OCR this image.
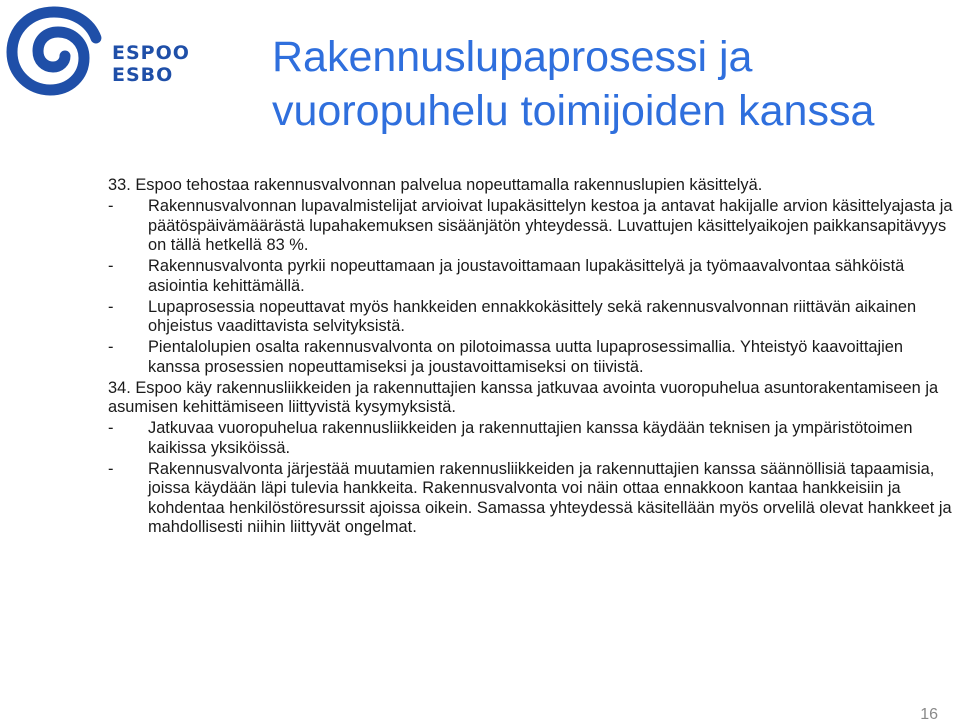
ESPOO
ESBO	Rakennuslupaprosessi ja vuoropuhelu toimijoiden kanssa

33. Espoo tehostaa rakennusvalvonnan palvelua nopeuttamalla rakennuslupien käsittelyä.

-	Rakennusvalvonnan lupavalmistelijat arvioivat lupakäsittelyn kestoa ja antavat hakijalle arvion käsittelyajasta ja päätöspäivämäärästä lupahakemuksen sisäänjätön yhteydessä. Luvattujen käsittelyaikojen paikkansapitävyys on tällä hetkellä 83 %.
-	Rakennusvalvonta pyrkii nopeuttamaan ja joustavoittamaan lupakäsittelyä ja työmaavalvontaa sähköistä asiointia kehittämällä.
-	Lupaprosessia nopeuttavat myös hankkeiden ennakkokäsittely sekä rakennusvalvonnan riittävän aikainen ohjeistus vaadittavista selvityksistä.
-	Pientalolupien osalta rakennusvalvonta on pilotoimassa uutta lupaprosessimallia. Yhteistyö kaavoittajien kanssa prosessien nopeuttamiseksi ja joustavoittamiseksi on tiivistä.

34. Espoo käy rakennusliikkeiden ja rakennuttajien kanssa jatkuvaa avointa vuoropuhelua asuntorakentamiseen ja asumisen kehittämiseen liittyvistä kysymyksistä.

-	Jatkuvaa vuoropuhelua rakennusliikkeiden ja rakennuttajien kanssa käydään teknisen ja ympäristötoimen kaikissa yksiköissä.
-	Rakennusvalvonta järjestää muutamien rakennusliikkeiden ja rakennuttajien kanssa säännöllisiä tapaamisia, joissa käydään läpi tulevia hankkeita. Rakennusvalvonta voi näin ottaa ennakkoon kantaa hankkeisiin ja kohdentaa henkilöstöresurssit ajoissa oikein. Samassa yhteydessä käsitellään myös orvelilä olevat hankkeet ja mahdollisesti niihin liittyvät ongelmat.
16
